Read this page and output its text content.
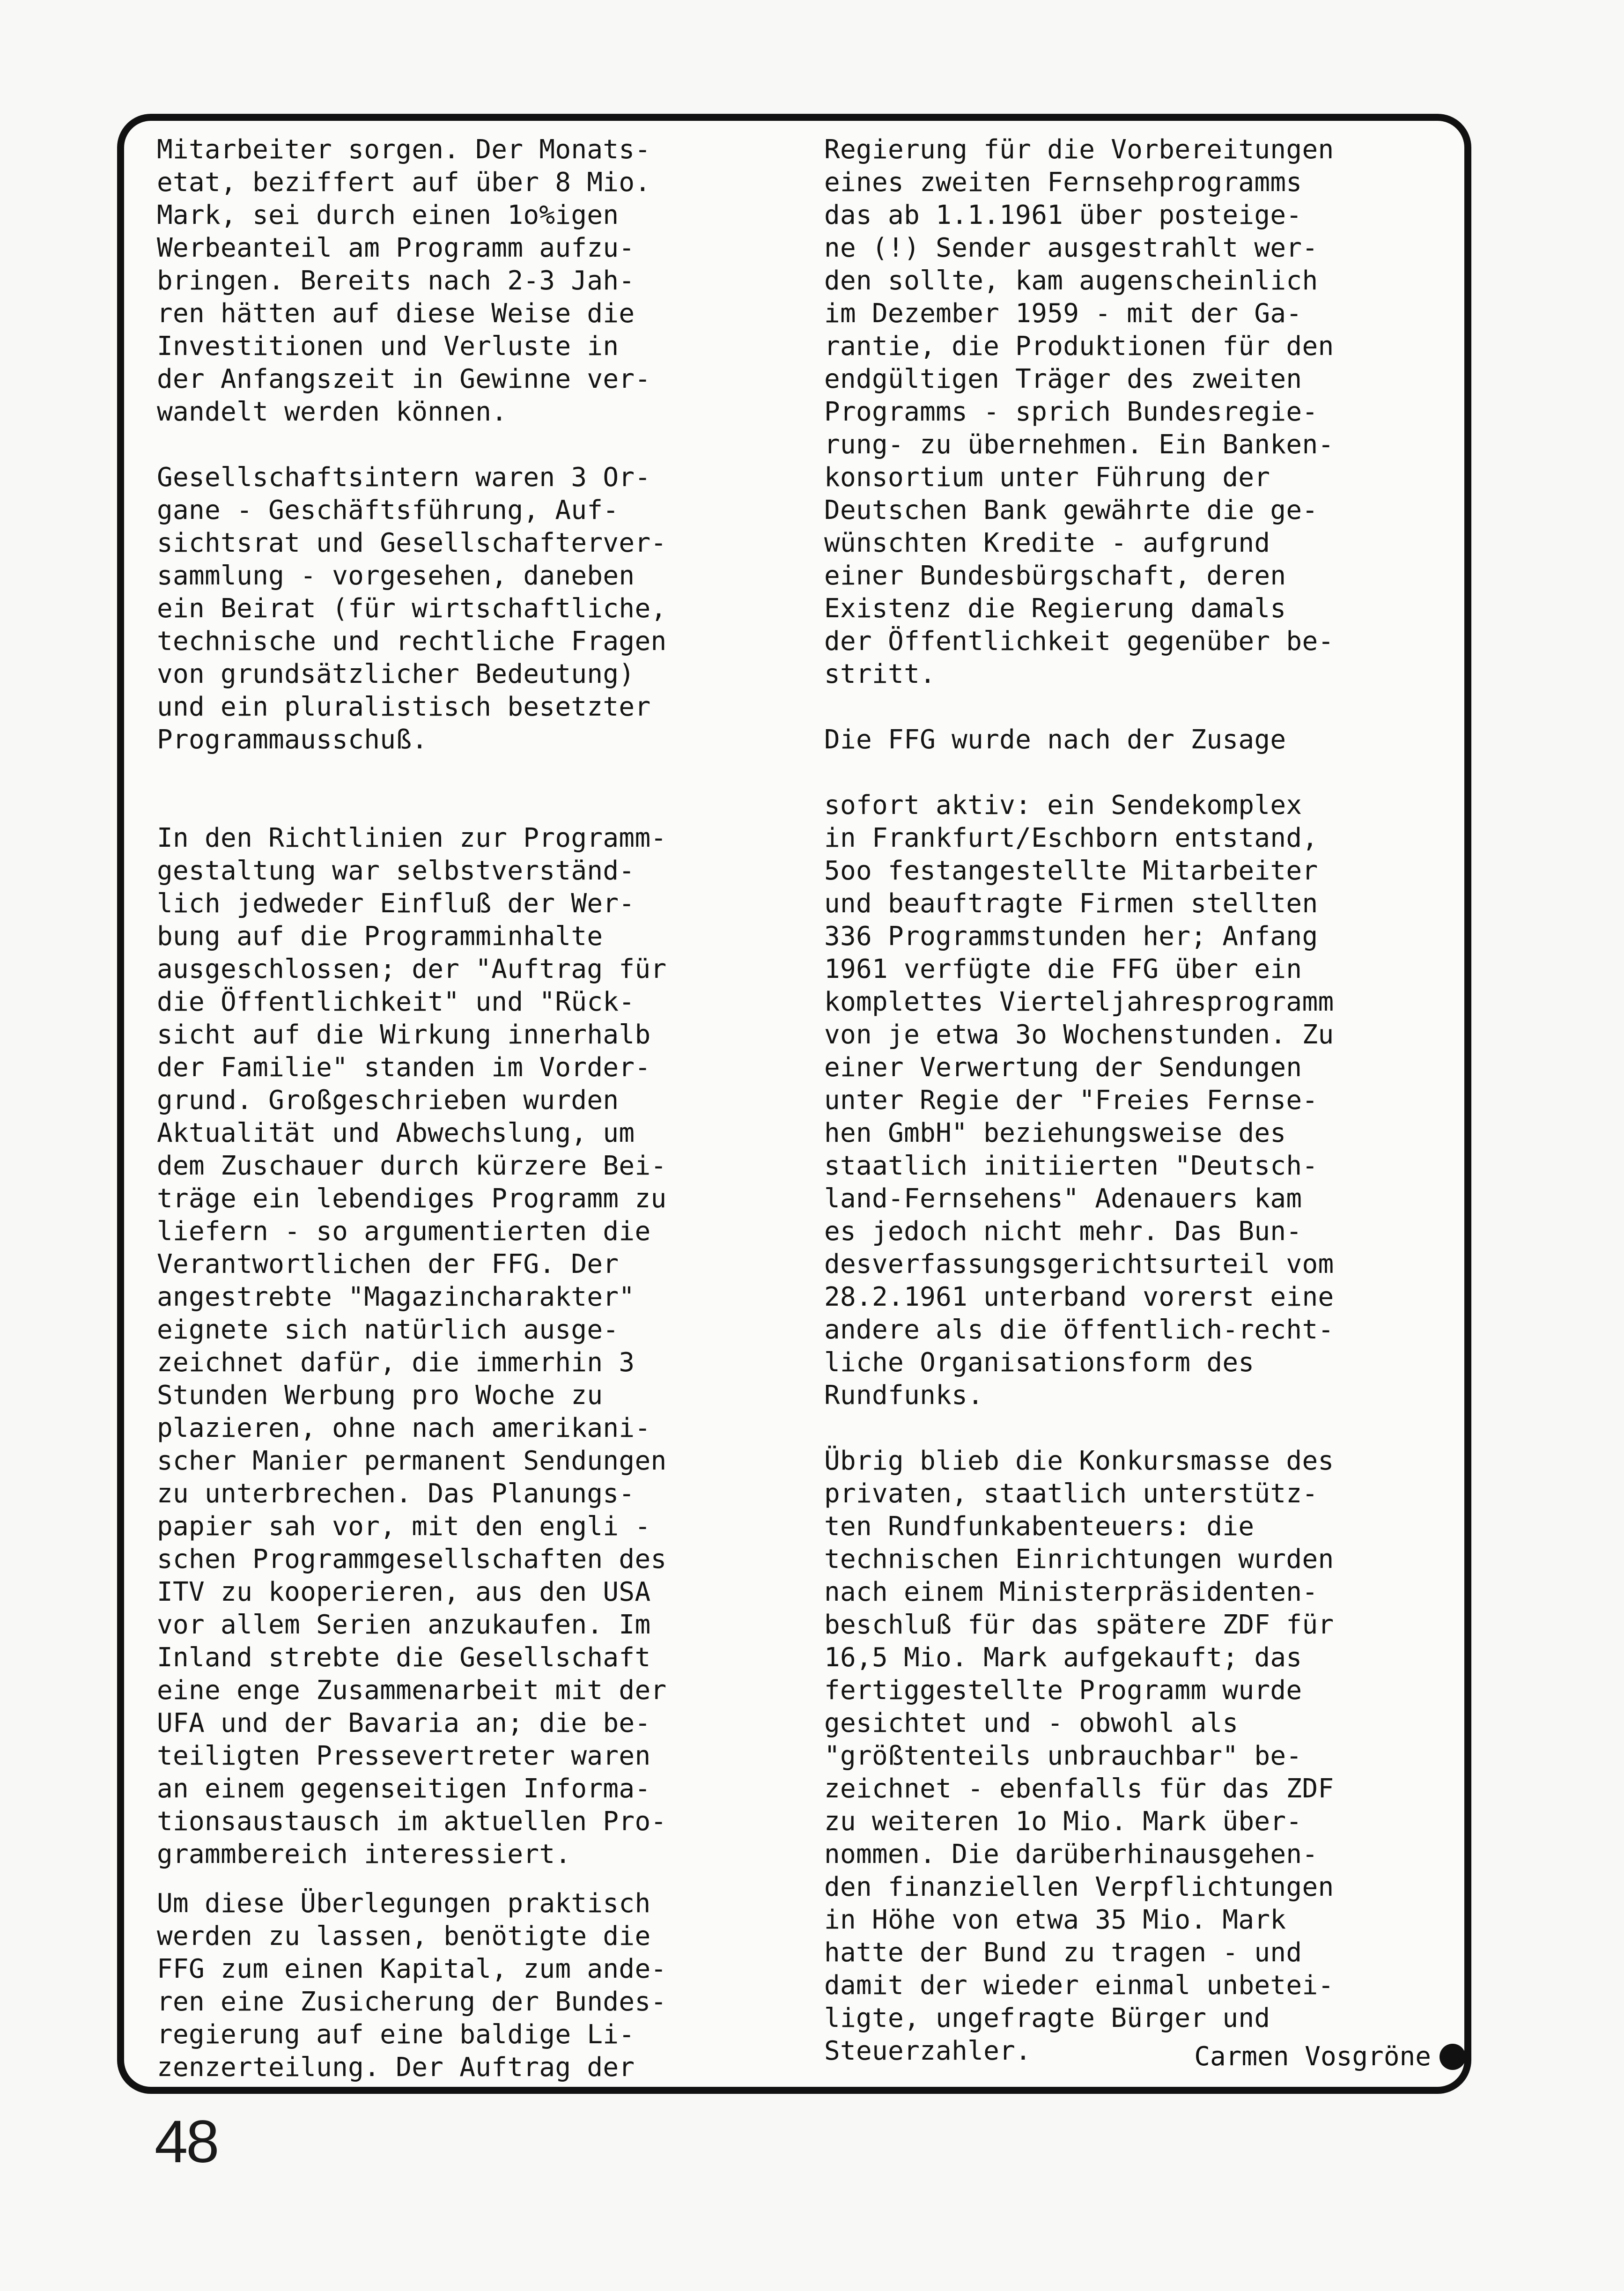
Mitarbeiter sorgen. Der Monats-
etat, beziffert auf über 8 Mio.
Mark, sei durch einen 1o%igen
Werbeanteil am Programm aufzu-
bringen. Bereits nach 2-3 Jah-
ren hätten auf diese Weise die
Investitionen und Verluste in
der Anfangszeit in Gewinne ver-
wandelt werden können.
Gesellschaftsintern waren 3 Or-
gane - Geschäftsführung, Auf-
sichtsrat und Gesellschafterver-
sammlung - vorgesehen, daneben
ein Beirat (für wirtschaftliche,
technische und rechtliche Fragen
von grundsätzlicher Bedeutung)
und ein pluralistisch besetzter
Programmausschuß.
In den Richtlinien zur Programm-
gestaltung war selbstverständ-
lich jedweder Einfluß der Wer-
bung auf die Programminhalte
ausgeschlossen; der "Auftrag für
die Öffentlichkeit" und "Rück-
sicht auf die Wirkung innerhalb
der Familie" standen im Vorder-
grund. Großgeschrieben wurden
Aktualität und Abwechslung, um
dem Zuschauer durch kürzere Bei-
träge ein lebendiges Programm zu
liefern - so argumentierten die
Verantwortlichen der FFG. Der
angestrebte "Magazincharakter"
eignete sich natürlich ausge-
zeichnet dafür, die immerhin 3
Stunden Werbung pro Woche zu
plazieren, ohne nach amerikani-
scher Manier permanent Sendungen
zu unterbrechen. Das Planungs-
papier sah vor, mit den engli -
schen Programmgesellschaften des
ITV zu kooperieren, aus den USA
vor allem Serien anzukaufen. Im
Inland strebte die Gesellschaft
eine enge Zusammenarbeit mit der
UFA und der Bavaria an; die be-
teiligten Pressevertreter waren
an einem gegenseitigen Informa-
tionsaustausch im aktuellen Pro-
grammbereich interessiert.
Um diese Überlegungen praktisch
werden zu lassen, benötigte die
FFG zum einen Kapital, zum ande-
ren eine Zusicherung der Bundes-
regierung auf eine baldige Li-
zenzerteilung. Der Auftrag der
Regierung für die Vorbereitungen
eines zweiten Fernsehprogramms
das ab 1.1.1961 über posteige-
ne (!) Sender ausgestrahlt wer-
den sollte, kam augenscheinlich
im Dezember 1959 - mit der Ga-
rantie, die Produktionen für den
endgültigen Träger des zweiten
Programms - sprich Bundesregie-
rung- zu übernehmen. Ein Banken-
konsortium unter Führung der
Deutschen Bank gewährte die ge-
wünschten Kredite - aufgrund
einer Bundesbürgschaft, deren
Existenz die Regierung damals
der Öffentlichkeit gegenüber be-
stritt.
Die FFG wurde nach der Zusage
sofort aktiv: ein Sendekomplex
in Frankfurt/Eschborn entstand,
5oo festangestellte Mitarbeiter
und beauftragte Firmen stellten
336 Programmstunden her; Anfang
1961 verfügte die FFG über ein
komplettes Vierteljahresprogramm
von je etwa 3o Wochenstunden. Zu
einer Verwertung der Sendungen
unter Regie der "Freies Fernse-
hen GmbH" beziehungsweise des
staatlich initiierten "Deutsch-
land-Fernsehens" Adenauers kam
es jedoch nicht mehr. Das Bun-
desverfassungsgerichtsurteil vom
28.2.1961 unterband vorerst eine
andere als die öffentlich-recht-
liche Organisationsform des
Rundfunks.
Übrig blieb die Konkursmasse des
privaten, staatlich unterstütz-
ten Rundfunkabenteuers: die
technischen Einrichtungen wurden
nach einem Ministerpräsidenten-
beschluß für das spätere ZDF für
16,5 Mio. Mark aufgekauft; das
fertiggestellte Programm wurde
gesichtet und - obwohl als
"größtenteils unbrauchbar" be-
zeichnet - ebenfalls für das ZDF
zu weiteren 1o Mio. Mark über-
nommen. Die darüberhinausgehen-
den finanziellen Verpflichtungen
in Höhe von etwa 35 Mio. Mark
hatte der Bund zu tragen - und
damit der wieder einmal unbetei-
ligte, ungefragte Bürger und
Steuerzahler.	Carmen Vosgröne
48
